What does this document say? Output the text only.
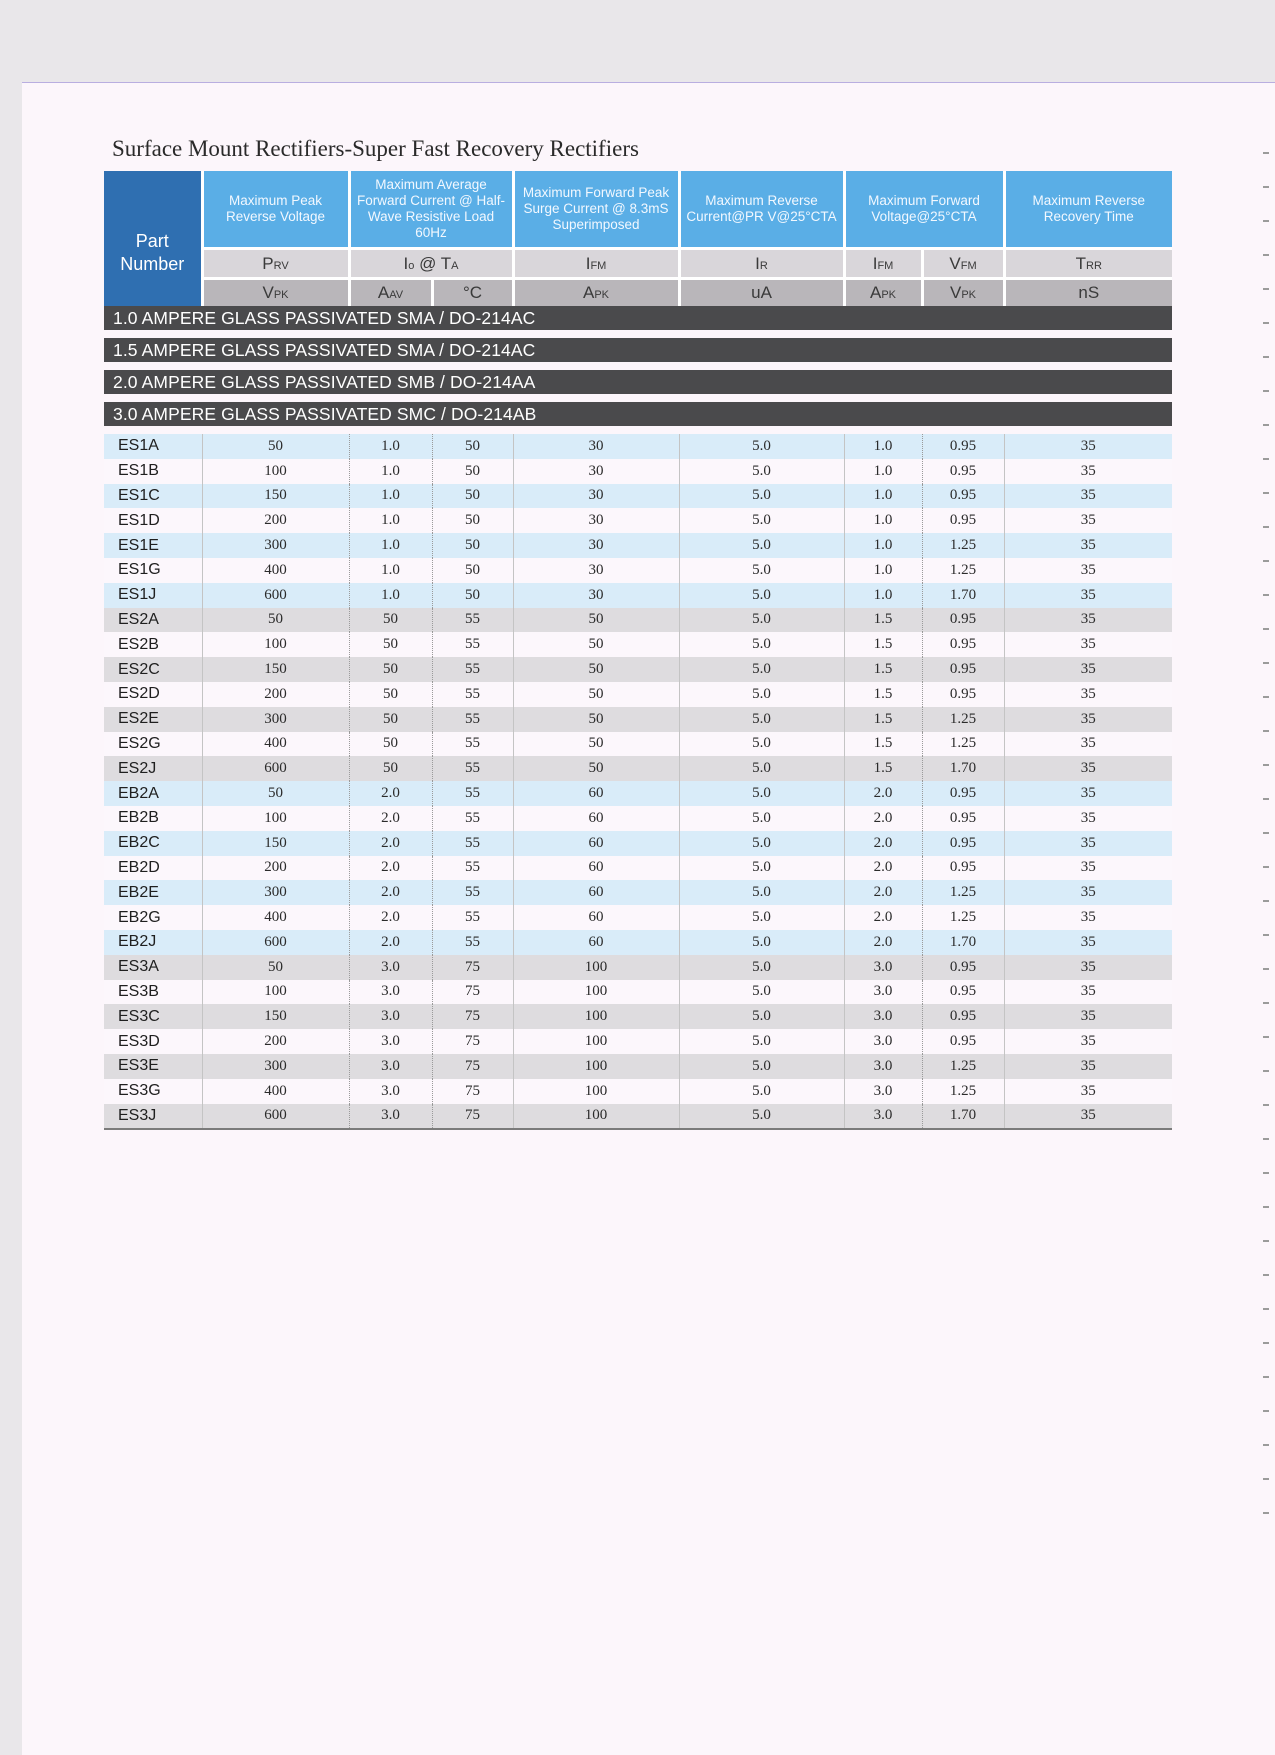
Surface Mount Rectifiers-Super Fast Recovery Rectifiers
Part Number	Maximum Peak Reverse Voltage	Maximum Average Forward Current @ Half-Wave Resistive Load 60Hz		Maximum Forward Peak Surge Current @ 8.3mS Superimposed	Maximum Reverse Current@PR V@25°CTA	Maximum Forward Voltage@25°CTA		Maximum Reverse Recovery Time
	PRV	Io @ TA		IFM	IR	IFM	VFM	TRR
	VPK	AAV	°C	APK	uA	APK	VPK	nS
1.0 AMPERE GLASS PASSIVATED SMA / DO-214AC								

1.5 AMPERE GLASS PASSIVATED SMA / DO-214AC								

2.0 AMPERE GLASS PASSIVATED SMB / DO-214AA								

3.0 AMPERE GLASS PASSIVATED SMC / DO-214AB								

ES1A	50	1.0	50	30	5.0	1.0	0.95	35
ES1B	100	1.0	50	30	5.0	1.0	0.95	35
ES1C	150	1.0	50	30	5.0	1.0	0.95	35
ES1D	200	1.0	50	30	5.0	1.0	0.95	35
ES1E	300	1.0	50	30	5.0	1.0	1.25	35
ES1G	400	1.0	50	30	5.0	1.0	1.25	35
ES1J	600	1.0	50	30	5.0	1.0	1.70	35
ES2A	50	50	55	50	5.0	1.5	0.95	35
ES2B	100	50	55	50	5.0	1.5	0.95	35
ES2C	150	50	55	50	5.0	1.5	0.95	35
ES2D	200	50	55	50	5.0	1.5	0.95	35
ES2E	300	50	55	50	5.0	1.5	1.25	35
ES2G	400	50	55	50	5.0	1.5	1.25	35
ES2J	600	50	55	50	5.0	1.5	1.70	35
EB2A	50	2.0	55	60	5.0	2.0	0.95	35
EB2B	100	2.0	55	60	5.0	2.0	0.95	35
EB2C	150	2.0	55	60	5.0	2.0	0.95	35
EB2D	200	2.0	55	60	5.0	2.0	0.95	35
EB2E	300	2.0	55	60	5.0	2.0	1.25	35
EB2G	400	2.0	55	60	5.0	2.0	1.25	35
EB2J	600	2.0	55	60	5.0	2.0	1.70	35
ES3A	50	3.0	75	100	5.0	3.0	0.95	35
ES3B	100	3.0	75	100	5.0	3.0	0.95	35
ES3C	150	3.0	75	100	5.0	3.0	0.95	35
ES3D	200	3.0	75	100	5.0	3.0	0.95	35
ES3E	300	3.0	75	100	5.0	3.0	1.25	35
ES3G	400	3.0	75	100	5.0	3.0	1.25	35
ES3J	600	3.0	75	100	5.0	3.0	1.70	35
